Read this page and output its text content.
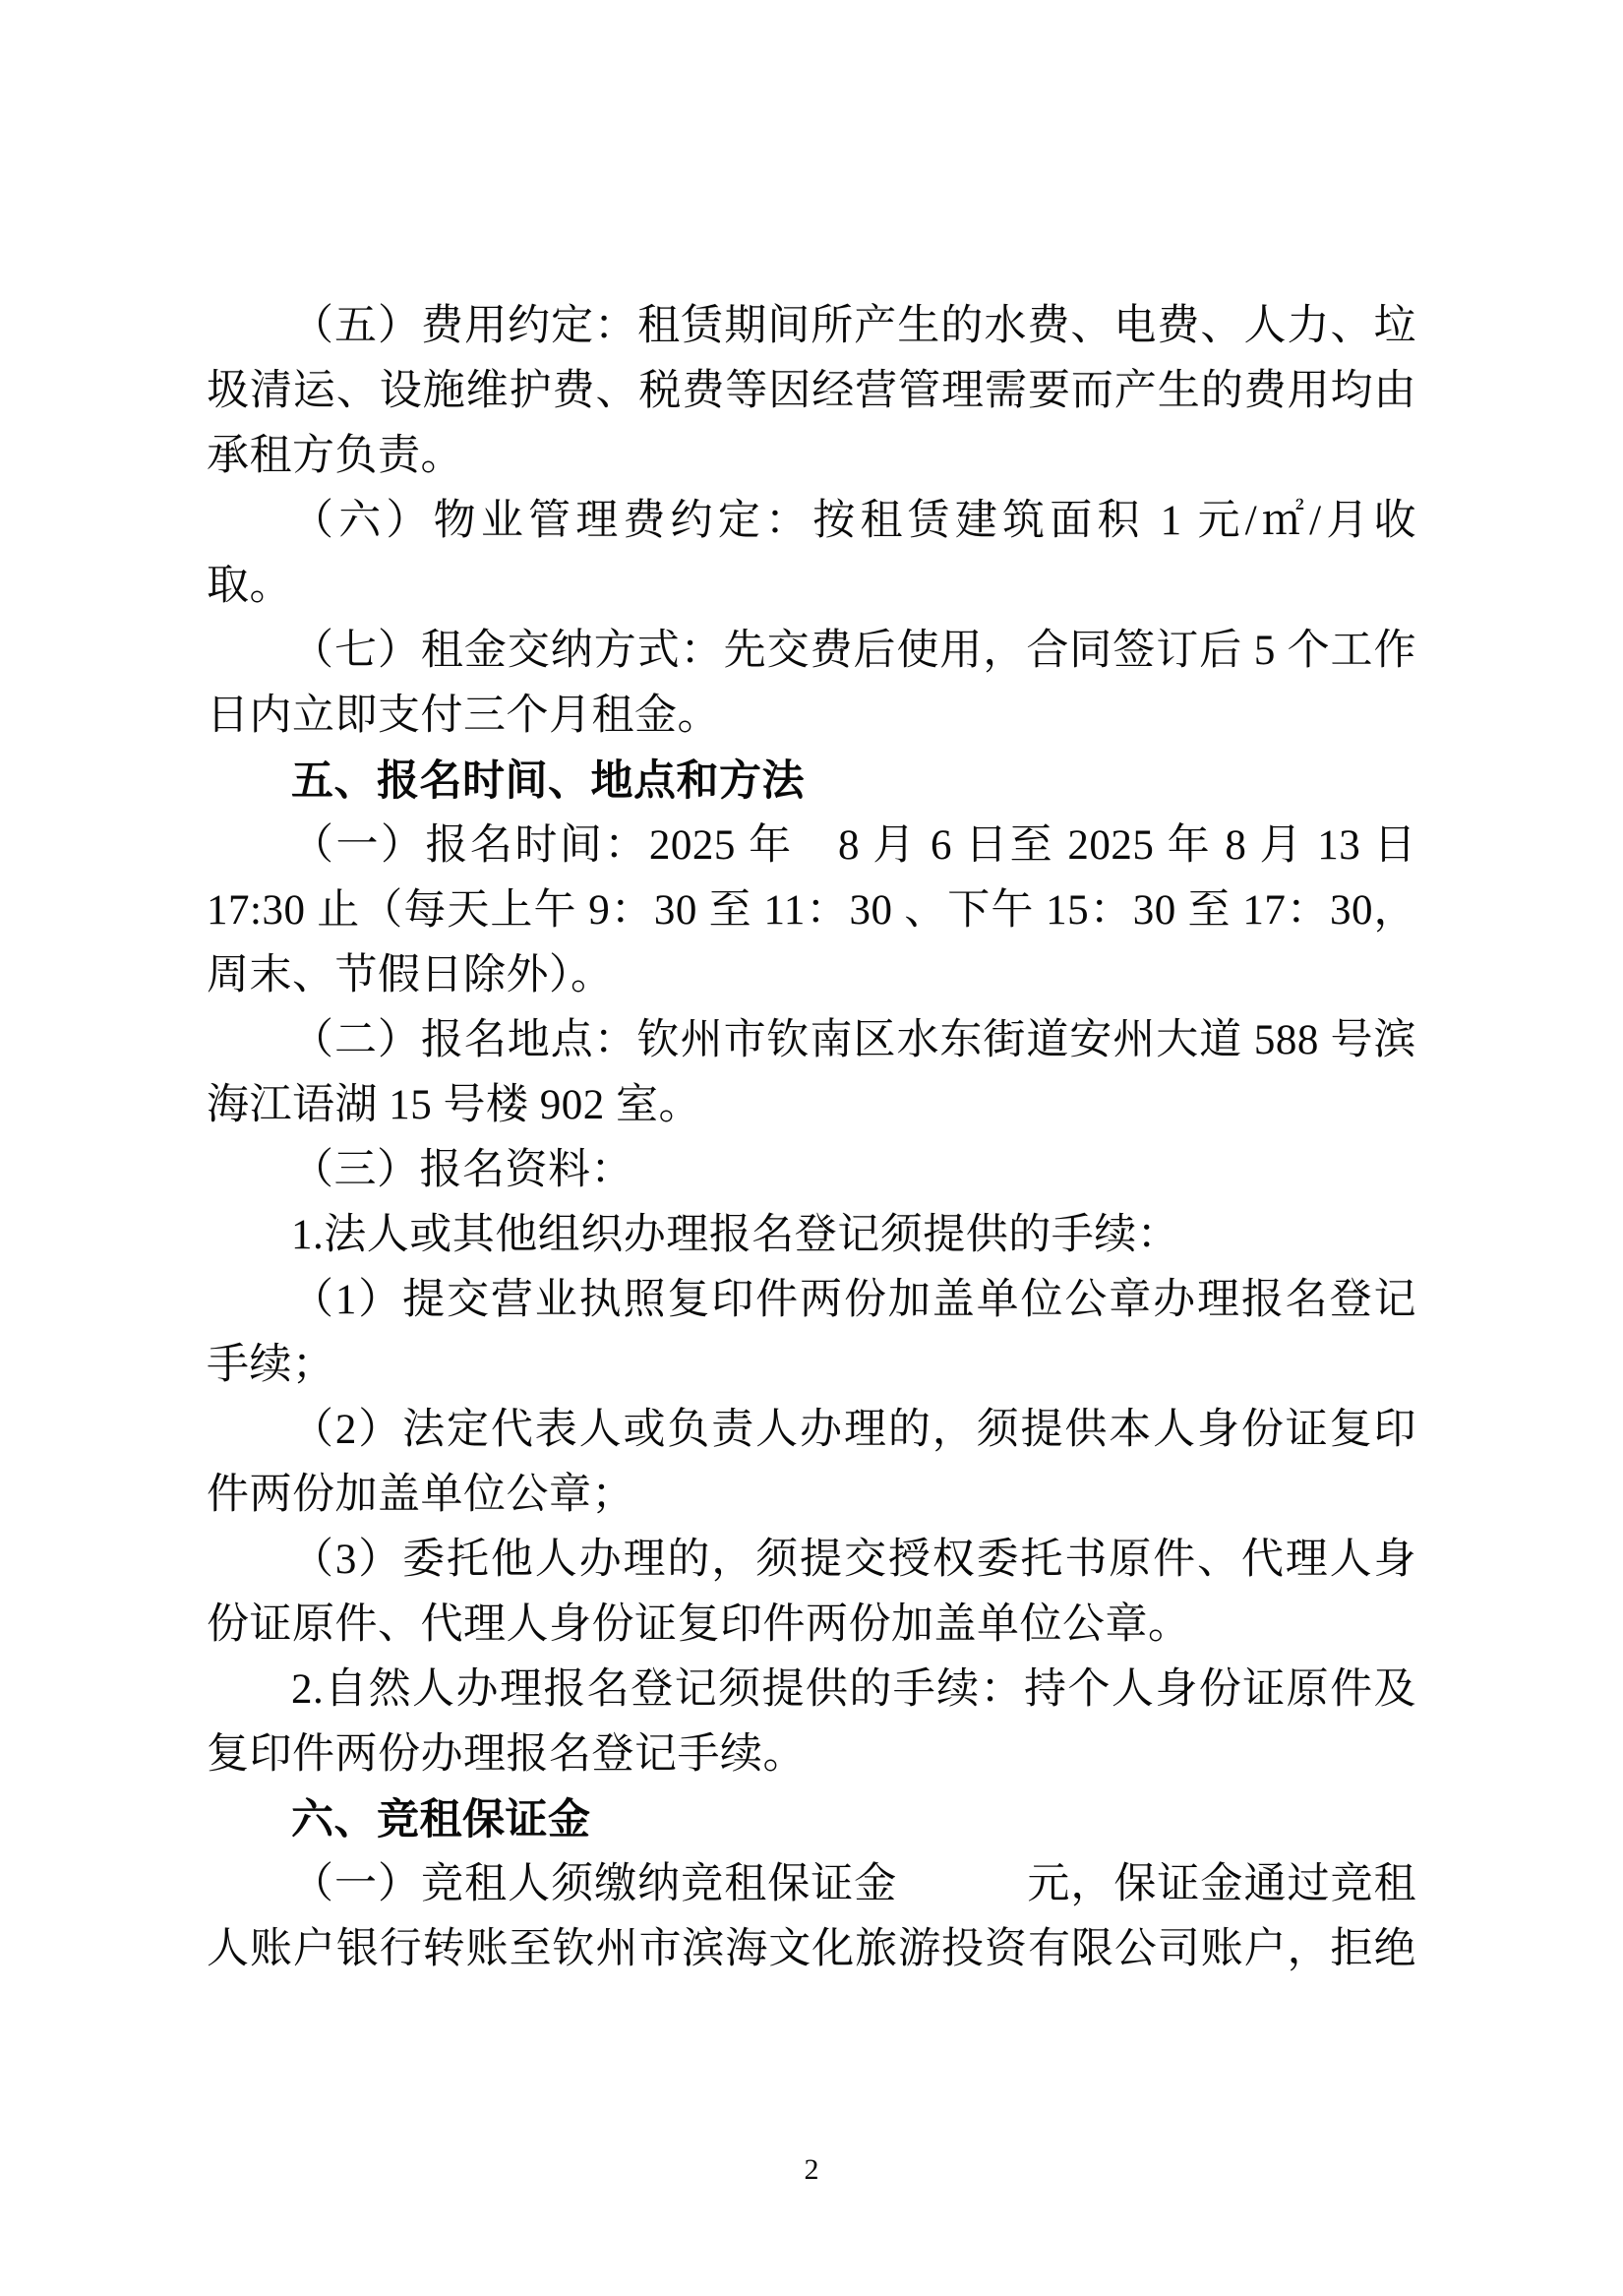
（五）费用约定：租赁期间所产生的水费、电费、人力、垃
圾清运、设施维护费、税费等因经营管理需要而产生的费用均由
承租方负责。
（六）物业管理费约定：按租赁建筑面积 1 元/㎡/月收
取。
（七）租金交纳方式：先交费后使用，合同签订后 5 个工作
日内立即支付三个月租金。
五、报名时间、地点和方法
（一）报名时间：2025 年　8 月 6 日至 2025 年 8 月 13 日
17:30 止（每天上午 9：30 至 11：30 、下午 15：30 至 17：30，
周末、节假日除外）。
（二）报名地点：钦州市钦南区水东街道安州大道 588 号滨
海江语湖 15 号楼 902 室。
（三）报名资料：
1.法人或其他组织办理报名登记须提供的手续：
（1）提交营业执照复印件两份加盖单位公章办理报名登记
手续；
（2）法定代表人或负责人办理的，须提供本人身份证复印
件两份加盖单位公章；
（3）委托他人办理的，须提交授权委托书原件、代理人身
份证原件、代理人身份证复印件两份加盖单位公章。
2.自然人办理报名登记须提供的手续：持个人身份证原件及
复印件两份办理报名登记手续。
六、竞租保证金
（一）竞租人须缴纳竞租保证金　　　元，保证金通过竞租
人账户银行转账至钦州市滨海文化旅游投资有限公司账户，拒绝
2
